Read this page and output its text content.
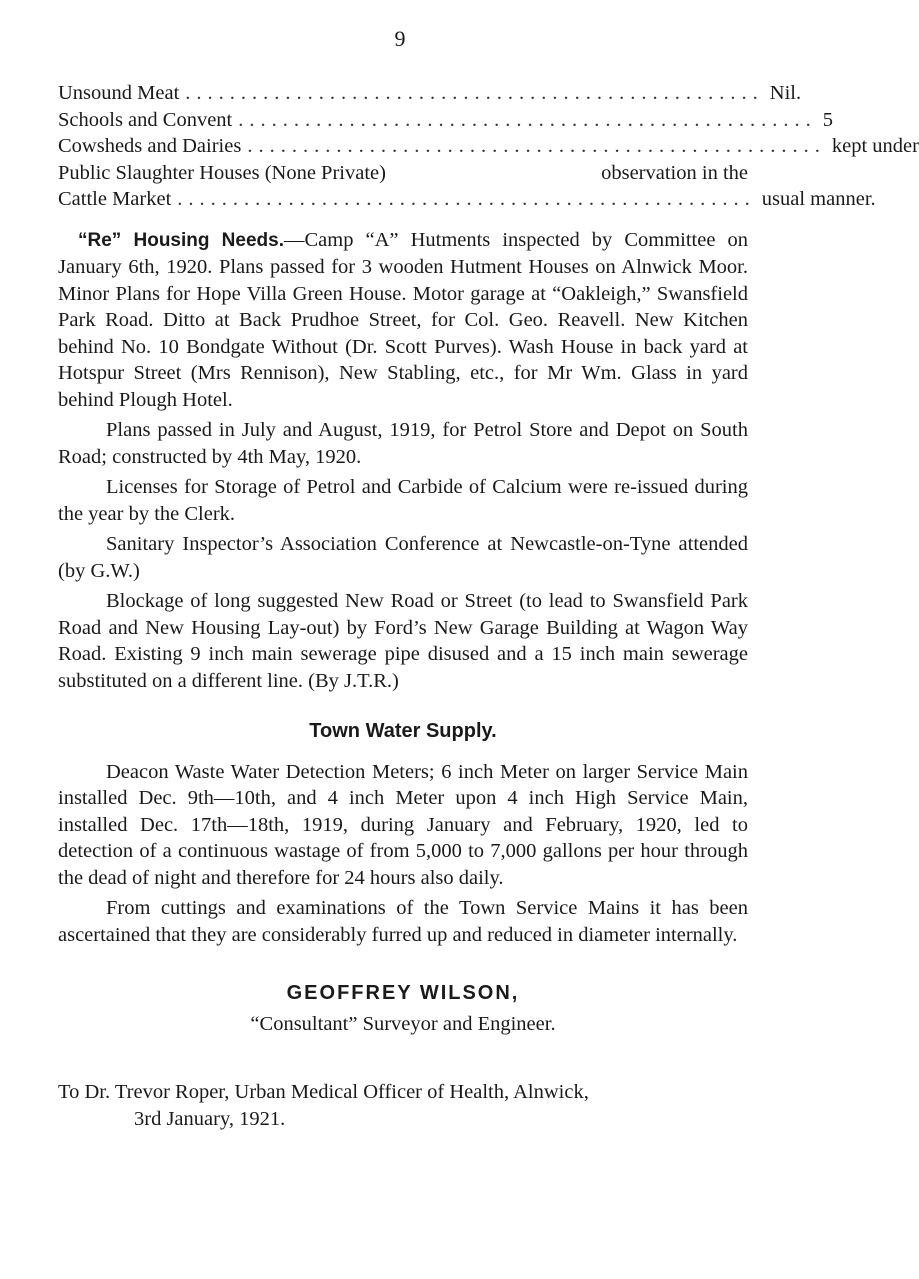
9
Unsound Meat .................................................... Nil.
Schools and Convent .................................................... 5
Cowsheds and Dairies .................................................... kept under
Public Slaughter Houses (None Private)	observation in the
Cattle Market .................................................... usual manner.

“Re” Housing Needs.—Camp “A” Hutments inspected by Committee on January 6th, 1920. Plans passed for 3 wooden Hutment Houses on Alnwick Moor. Minor Plans for Hope Villa Green House. Motor garage at “Oakleigh,” Swansfield Park Road. Ditto at Back Prudhoe Street, for Col. Geo. Reavell. New Kitchen behind No. 10 Bondgate Without (Dr. Scott Purves). Wash House in back yard at Hotspur Street (Mrs Rennison), New Stabling, etc., for Mr Wm. Glass in yard behind Plough Hotel.

Plans passed in July and August, 1919, for Petrol Store and Depot on South Road; constructed by 4th May, 1920.

Licenses for Storage of Petrol and Carbide of Calcium were re-issued during the year by the Clerk.

Sanitary Inspector’s Association Conference at Newcastle-on-Tyne attended (by G.W.)

Blockage of long suggested New Road or Street (to lead to Swansfield Park Road and New Housing Lay-out) by Ford’s New Garage Building at Wagon Way Road. Existing 9 inch main sewerage pipe disused and a 15 inch main sewerage substituted on a different line. (By J.T.R.)

Town Water Supply.

Deacon Waste Water Detection Meters; 6 inch Meter on larger Service Main installed Dec. 9th—10th, and 4 inch Meter upon 4 inch High Service Main, installed Dec. 17th—18th, 1919, during January and February, 1920, led to detection of a continuous wastage of from 5,000 to 7,000 gallons per hour through the dead of night and therefore for 24 hours also daily.

From cuttings and examinations of the Town Service Mains it has been ascertained that they are considerably furred up and reduced in diameter internally.

GEOFFREY WILSON,
“Consultant” Surveyor and Engineer.
To Dr. Trevor Roper, Urban Medical Officer of Health, Alnwick,
3rd January, 1921.
